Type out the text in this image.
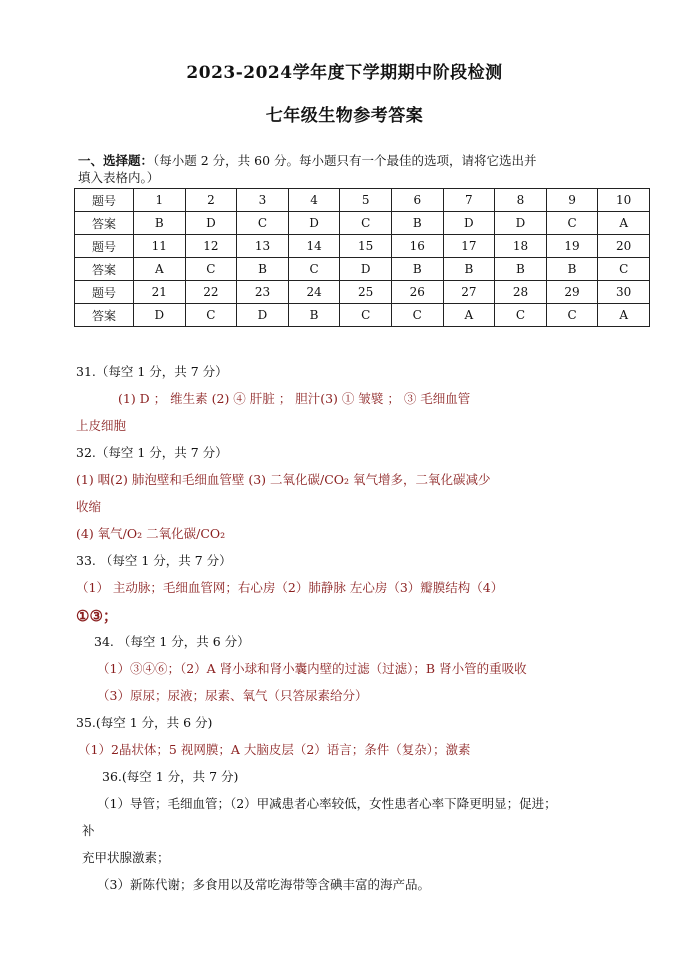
2023-2024学年度下学期期中阶段检测
七年级生物参考答案
一、选择题：（每小题 2 分，共 60 分。每小题只有一个最佳的选项，请将它选出并
填入表格内。）
题号	1	2	3	4	5	6	7	8	9	10
答案	B	D	C	D	C	B	D	D	C	A
题号	11	12	13	14	15	16	17	18	19	20
答案	A	C	B	C	D	B	B	B	B	C
题号	21	22	23	24	25	26	27	28	29	30
答案	D	C	D	B	C	C	A	C	C	A
31.（每空 1 分，共 7 分）
(1) D ； 维生素 (2) ④ 肝脏 ； 胆汁(3) ① 皱襞 ； ③ 毛细血管
上皮细胞
32.（每空 1 分，共 7 分）
(1) 咽(2) 肺泡壁和毛细血管壁 (3) 二氧化碳/CO₂ 氧气增多，二氧化碳减少
收缩
(4) 氧气/O₂ 二氧化碳/CO₂
33. （每空 1 分，共 7 分）
（1） 主动脉；毛细血管网；右心房（2）肺静脉 左心房（3）瓣膜结构（4）
①③；
34. （每空 1 分，共 6 分）
（1）③④⑥；（2）A 肾小球和肾小囊内壁的过滤（过滤）；B 肾小管的重吸收
（3）原尿；尿液；尿素、氧气（只答尿素给分）
35.(每空 1 分，共 6 分)
（1）2晶状体；5 视网膜；A 大脑皮层（2）语言；条件（复杂）；激素
36.(每空 1 分，共 7 分)
（1）导管；毛细血管；（2）甲减患者心率较低，女性患者心率下降更明显；促进；
补
充甲状腺激素；
（3）新陈代谢；多食用以及常吃海带等含碘丰富的海产品。
